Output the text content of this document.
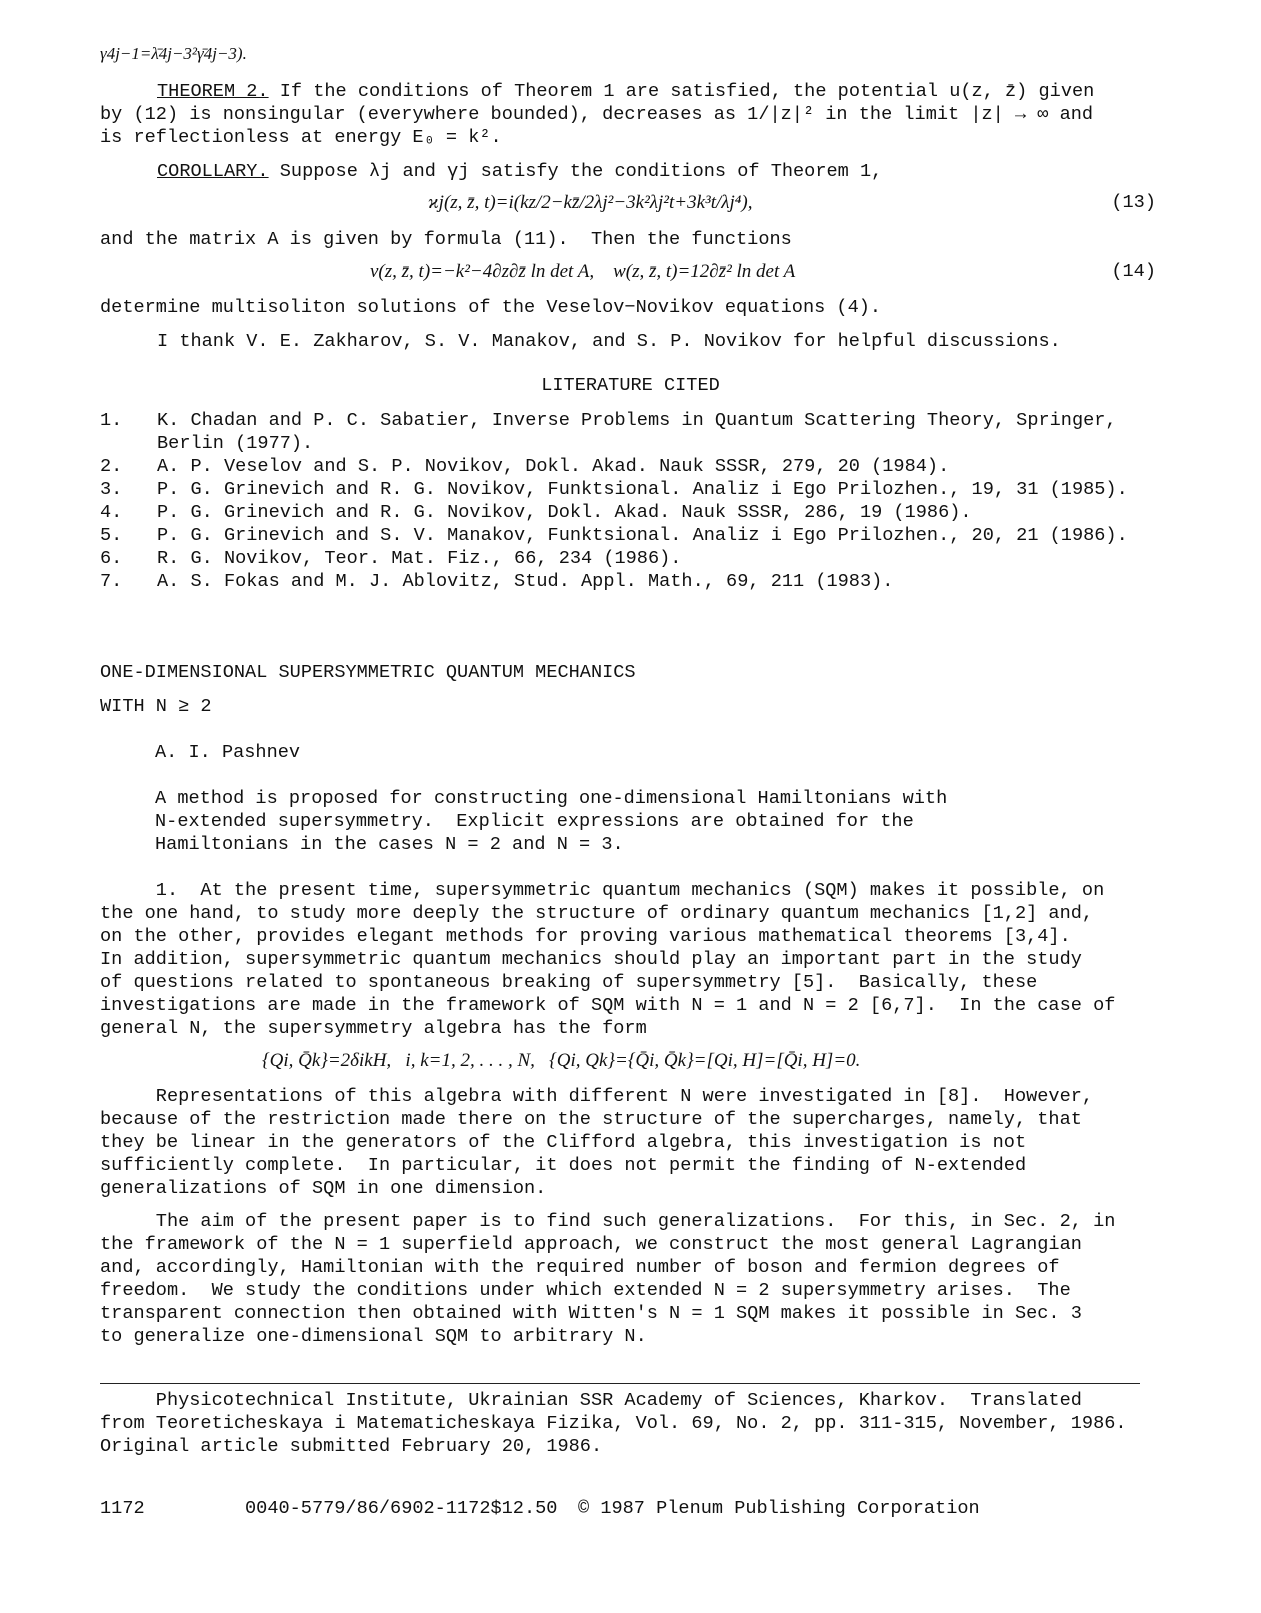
γ4j−1=λ̄4j−3²γ̄4j−3).
THEOREM 2. If the conditions of Theorem 1 are satisfied, the potential u(z, z̄) given
by (12) is nonsingular (everywhere bounded), decreases as 1/|z|² in the limit |z| → ∞ and
is reflectionless at energy E₀ = k².
COROLLARY. Suppose λj and γj satisfy the conditions of Theorem 1,
ϰj(z, z̄, t)=i(kz/2−kz̄/2λj²−3k²λj²t+3k³t/λj⁴),	(13)
and the matrix A is given by formula (11).  Then the functions
v(z, z̄, t)=−k²−4∂z∂z̄ ln det A,    w(z, z̄, t)=12∂z̄² ln det A	(14)
determine multisoliton solutions of the Veselov−Novikov equations (4).
I thank V. E. Zakharov, S. V. Manakov, and S. P. Novikov for helpful discussions.
LITERATURE CITED
1. K. Chadan and P. C. Sabatier, Inverse Problems in Quantum Scattering Theory, Springer,
Berlin (1977).
2. A. P. Veselov and S. P. Novikov, Dokl. Akad. Nauk SSSR, 279, 20 (1984).
3. P. G. Grinevich and R. G. Novikov, Funktsional. Analiz i Ego Prilozhen., 19, 31 (1985).
4. P. G. Grinevich and R. G. Novikov, Dokl. Akad. Nauk SSSR, 286, 19 (1986).
5. P. G. Grinevich and S. V. Manakov, Funktsional. Analiz i Ego Prilozhen., 20, 21 (1986).
6. R. G. Novikov, Teor. Mat. Fiz., 66, 234 (1986).
7. A. S. Fokas and M. J. Ablovitz, Stud. Appl. Math., 69, 211 (1983).
ONE-DIMENSIONAL SUPERSYMMETRIC QUANTUM MECHANICS
WITH N ≥ 2
A. I. Pashnev
A method is proposed for constructing one-dimensional Hamiltonians with
N-extended supersymmetry.  Explicit expressions are obtained for the
Hamiltonians in the cases N = 2 and N = 3.
1.  At the present time, supersymmetric quantum mechanics (SQM) makes it possible, on
the one hand, to study more deeply the structure of ordinary quantum mechanics [1,2] and,
on the other, provides elegant methods for proving various mathematical theorems [3,4].
In addition, supersymmetric quantum mechanics should play an important part in the study
of questions related to spontaneous breaking of supersymmetry [5].  Basically, these
investigations are made in the framework of SQM with N = 1 and N = 2 [6,7].  In the case of
general N, the supersymmetry algebra has the form
{Qi, Q̄k}=2δikH,   i, k=1, 2, . . . , N,   {Qi, Qk}={Q̄i, Q̄k}=[Qi, H]=[Q̄i, H]=0.
Representations of this algebra with different N were investigated in [8].  However,
because of the restriction made there on the structure of the supercharges, namely, that
they be linear in the generators of the Clifford algebra, this investigation is not
sufficiently complete.  In particular, it does not permit the finding of N-extended
generalizations of SQM in one dimension.
The aim of the present paper is to find such generalizations.  For this, in Sec. 2, in
the framework of the N = 1 superfield approach, we construct the most general Lagrangian
and, accordingly, Hamiltonian with the required number of boson and fermion degrees of
freedom.  We study the conditions under which extended N = 2 supersymmetry arises.  The
transparent connection then obtained with Witten's N = 1 SQM makes it possible in Sec. 3
to generalize one-dimensional SQM to arbitrary N.
Physicotechnical Institute, Ukrainian SSR Academy of Sciences, Kharkov.  Translated
from Teoreticheskaya i Matematicheskaya Fizika, Vol. 69, No. 2, pp. 311-315, November, 1986.
Original article submitted February 20, 1986.
1172	0040-5779/86/6902-1172$12.50 © 1987 Plenum Publishing Corporation
